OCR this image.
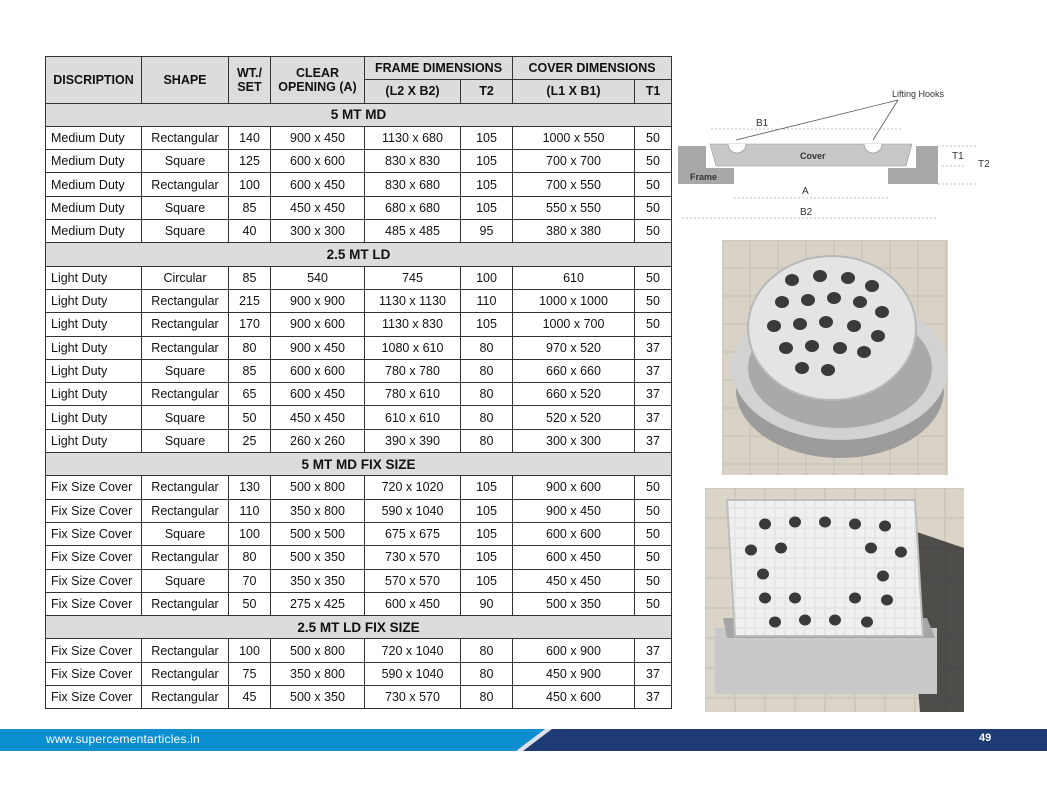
DISCRIPTION	SHAPE	WT./ SET	CLEAR OPENING (A)	FRAME DIMENSIONS		COVER DIMENSIONS	
				(L2 X B2)	T2	(L1 X B1)	T1
5 MT MD							
Medium Duty	Rectangular	140	900 x 450	1130 x 680	105	1000 x 550	50
Medium Duty	Square	125	600 x 600	830 x 830	105	700 x 700	50
Medium Duty	Rectangular	100	600 x 450	830 x 680	105	700 x 550	50
Medium Duty	Square	85	450 x 450	680 x 680	105	550 x 550	50
Medium Duty	Square	40	300 x 300	485 x 485	95	380 x 380	50
2.5 MT LD							
Light Duty	Circular	85	540	745	100	610	50
Light Duty	Rectangular	215	900 x 900	1130 x 1130	110	1000 x 1000	50
Light Duty	Rectangular	170	900 x 600	1130 x 830	105	1000 x 700	50
Light Duty	Rectangular	80	900 x 450	1080 x 610	80	970 x 520	37
Light Duty	Square	85	600 x 600	780 x 780	80	660 x 660	37
Light Duty	Rectangular	65	600 x 450	780 x 610	80	660 x 520	37
Light Duty	Square	50	450 x 450	610 x 610	80	520 x 520	37
Light Duty	Square	25	260 x 260	390 x 390	80	300 x 300	37
5 MT MD FIX SIZE							
Fix Size Cover	Rectangular	130	500 x 800	720 x 1020	105	900 x 600	50
Fix Size Cover	Rectangular	110	350 x 800	590 x 1040	105	900 x 450	50
Fix Size Cover	Square	100	500 x 500	675 x 675	105	600 x 600	50
Fix Size Cover	Rectangular	80	500 x 350	730 x 570	105	600 x 450	50
Fix Size Cover	Square	70	350 x 350	570 x 570	105	450 x 450	50
Fix Size Cover	Rectangular	50	275 x 425	600 x 450	90	500 x 350	50
2.5 MT LD FIX SIZE							
Fix Size Cover	Rectangular	100	500 x 800	720 x 1040	80	600 x 900	37
Fix Size Cover	Rectangular	75	350 x 800	590 x 1040	80	450 x 900	37
Fix Size Cover	Rectangular	45	500 x 350	730 x 570	80	450 x 600	37
Lifting Hooks
B1
Frame
Cover	T1
T2
A
B2
www.supercementarticles.in	49
